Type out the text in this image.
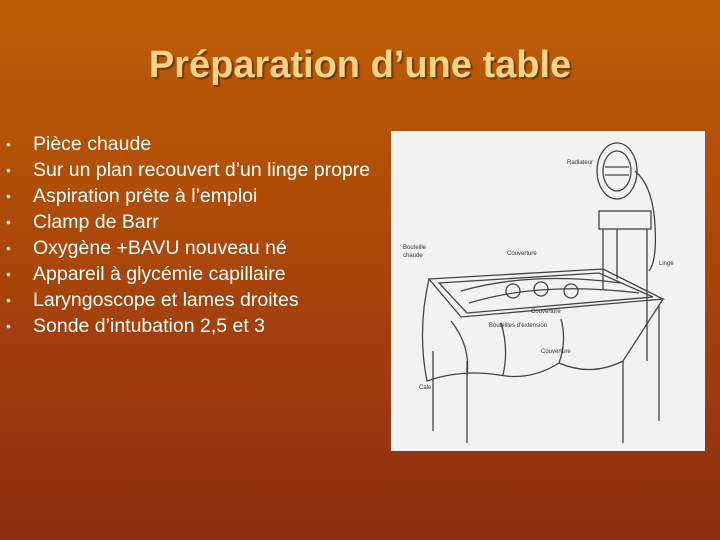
Préparation d’une table
• Pièce chaude
• Sur un plan recouvert d’un linge propre
• Aspiration prête à l’emploi
• Clamp de Barr
• Oxygène +BAVU nouveau né
• Appareil à glycémie capillaire
• Laryngoscope et lames droites
• Sonde d’intubation 2,5 et 3
Radiateur
Bouteille
chaude	Couverture
Linge
Couverture
Bouteilles d’extension
Couverture
Cale
